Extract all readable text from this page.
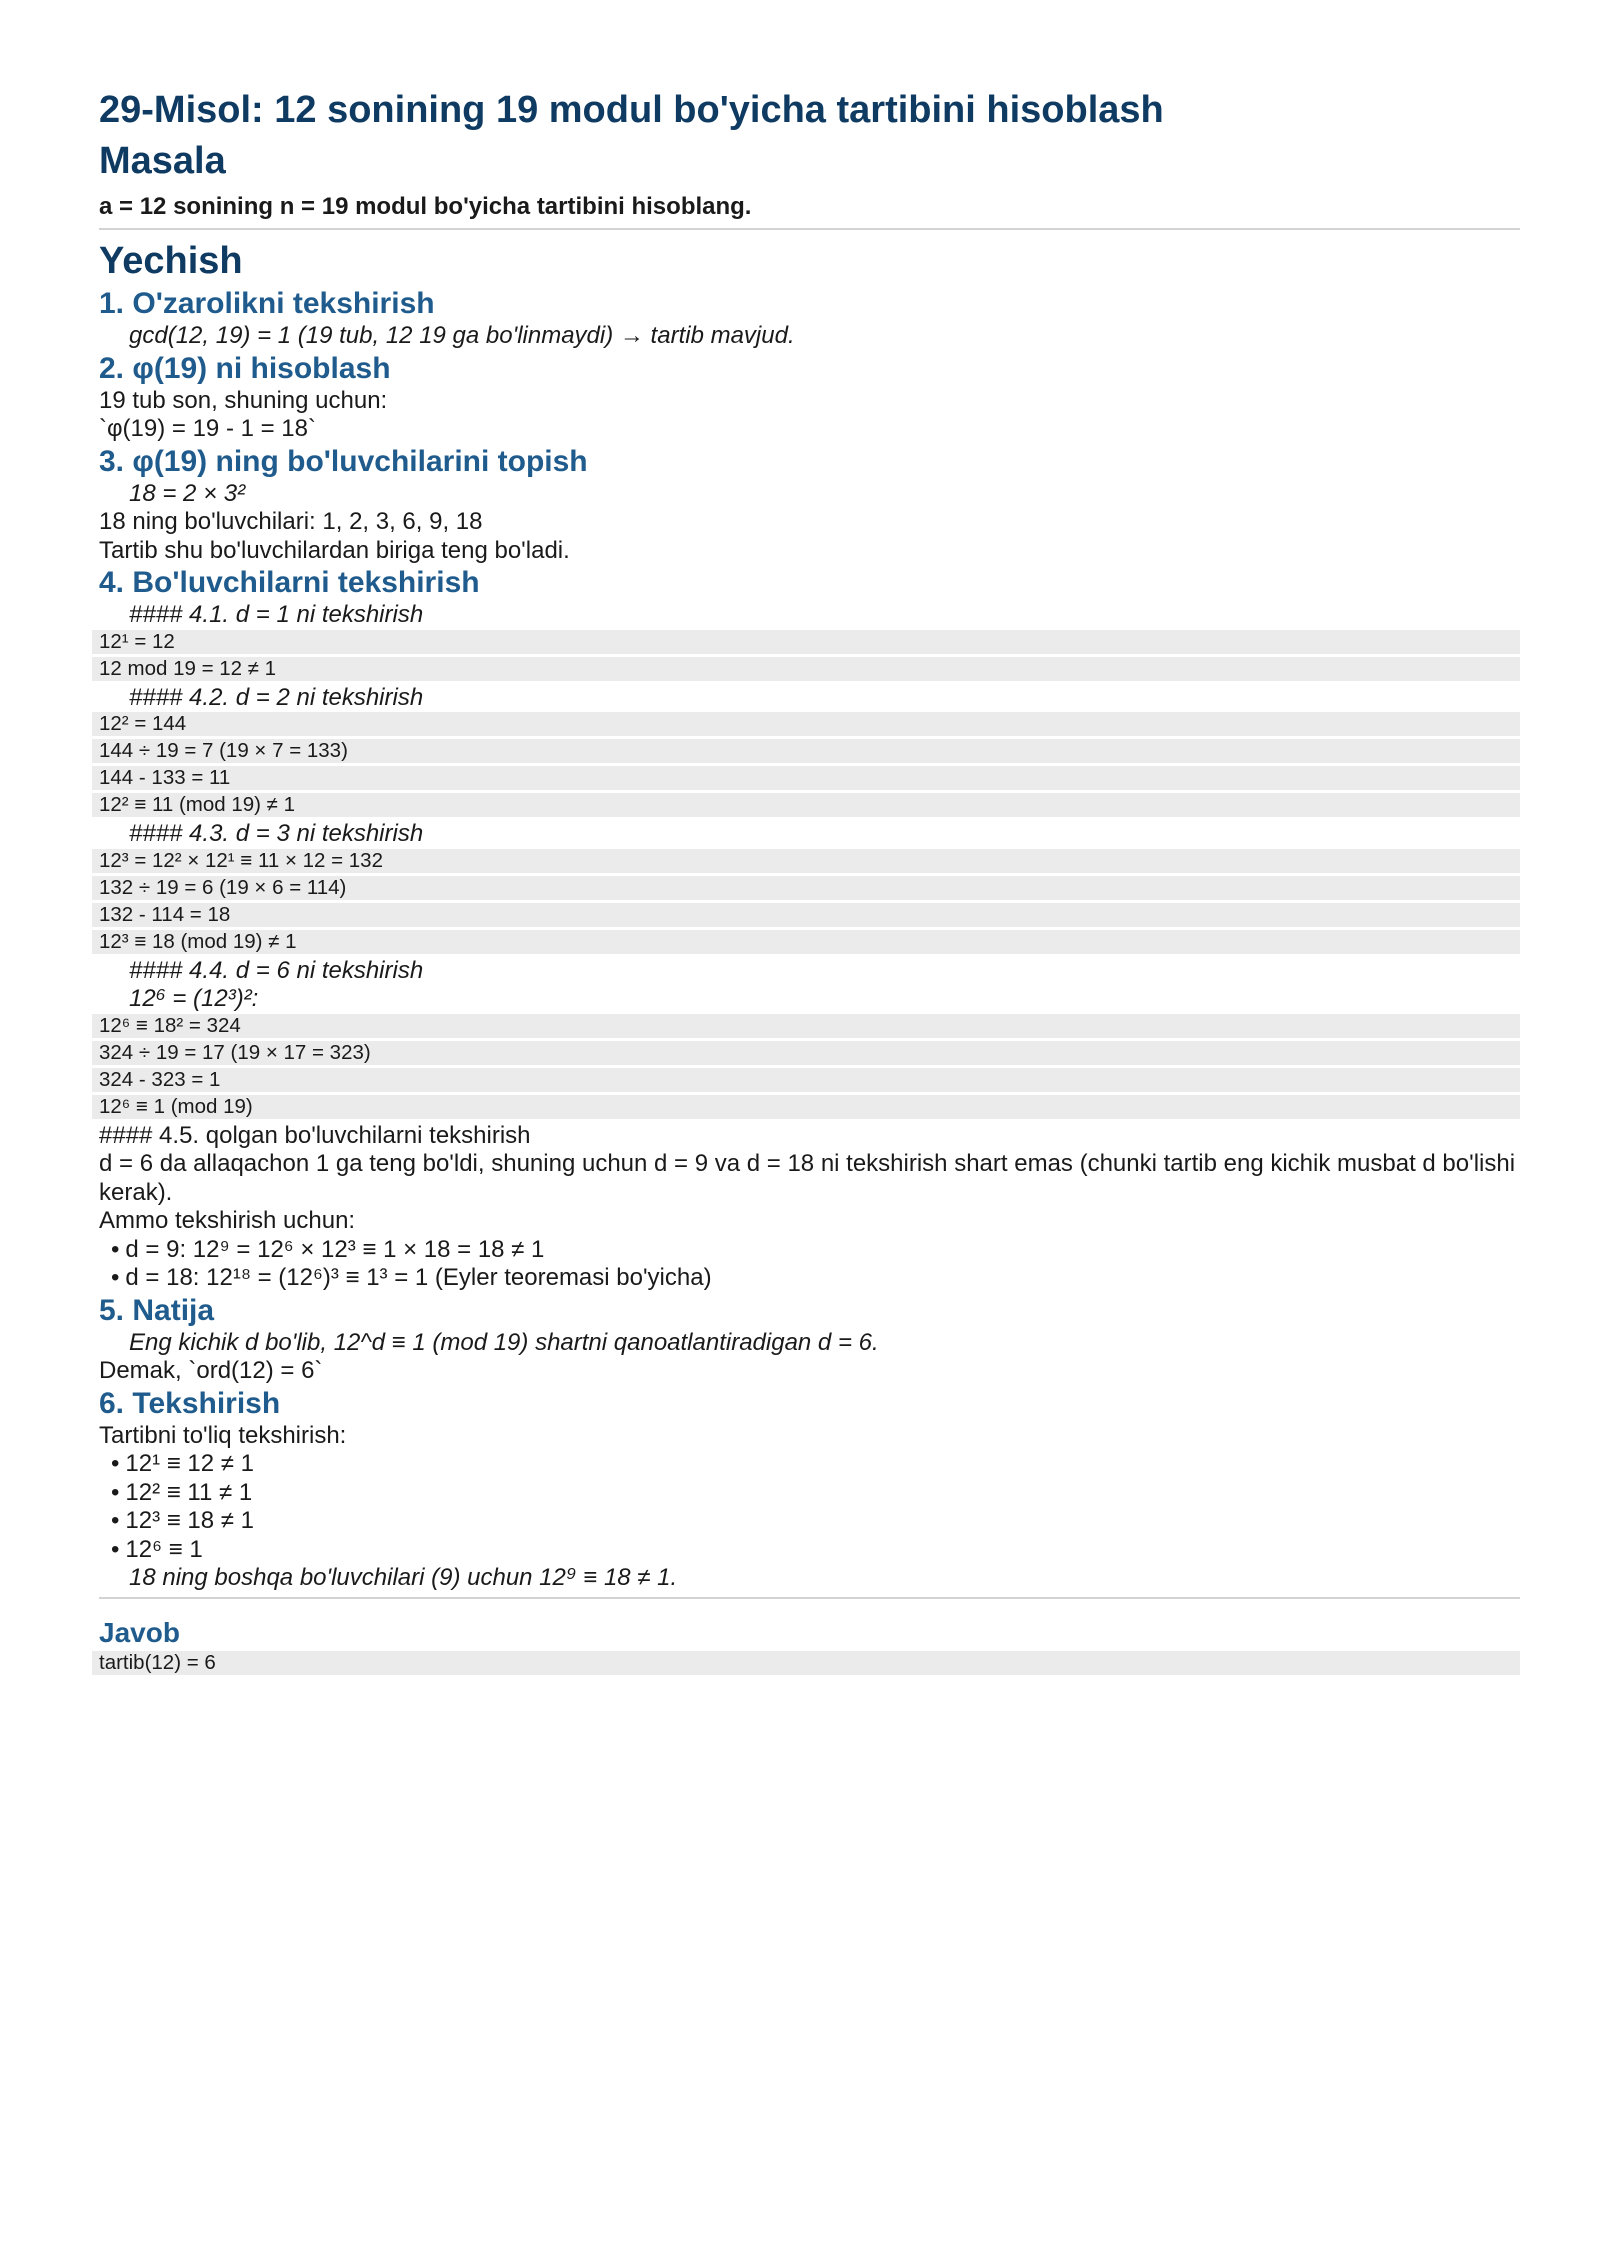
29-Misol: 12 sonining 19 modul bo'yicha tartibini hisoblash
Masala
a = 12 sonining n = 19 modul bo'yicha tartibini hisoblang.
Yechish
1. O'zarolikni tekshirish
gcd(12, 19) = 1 (19 tub, 12 19 ga bo'linmaydi) → tartib mavjud.
2. φ(19) ni hisoblash
19 tub son, shuning uchun:
`φ(19) = 19 - 1 = 18`
3. φ(19) ning bo'luvchilarini topish
18 = 2 × 3²
18 ning bo'luvchilari: 1, 2, 3, 6, 9, 18
Tartib shu bo'luvchilardan biriga teng bo'ladi.
4. Bo'luvchilarni tekshirish
#### 4.1. d = 1 ni tekshirish
12¹ = 12
12 mod 19 = 12 ≠ 1
#### 4.2. d = 2 ni tekshirish
12² = 144
144 ÷ 19 = 7 (19 × 7 = 133)
144 - 133 = 11
12² ≡ 11 (mod 19) ≠ 1
#### 4.3. d = 3 ni tekshirish
12³ = 12² × 12¹ ≡ 11 × 12 = 132
132 ÷ 19 = 6 (19 × 6 = 114)
132 - 114 = 18
12³ ≡ 18 (mod 19) ≠ 1
#### 4.4. d = 6 ni tekshirish
12⁶ = (12³)²:
12⁶ ≡ 18² = 324
324 ÷ 19 = 17 (19 × 17 = 323)
324 - 323 = 1
12⁶ ≡ 1 (mod 19)
#### 4.5. qolgan bo'luvchilarni tekshirish
d = 6 da allaqachon 1 ga teng bo'ldi, shuning uchun d = 9 va d = 18 ni tekshirish shart emas (chunki tartib eng kichik musbat d bo'lishi kerak).
Ammo tekshirish uchun:
• d = 9: 12⁹ = 12⁶ × 12³ ≡ 1 × 18 = 18 ≠ 1
• d = 18: 12¹⁸ = (12⁶)³ ≡ 1³ = 1 (Eyler teoremasi bo'yicha)
5. Natija
Eng kichik d bo'lib, 12^d ≡ 1 (mod 19) shartni qanoatlantiradigan d = 6.
Demak, `ord(12) = 6`
6. Tekshirish
Tartibni to'liq tekshirish:
• 12¹ ≡ 12 ≠ 1
• 12² ≡ 11 ≠ 1
• 12³ ≡ 18 ≠ 1
• 12⁶ ≡ 1
18 ning boshqa bo'luvchilari (9) uchun 12⁹ ≡ 18 ≠ 1.
Javob
tartib(12) = 6
